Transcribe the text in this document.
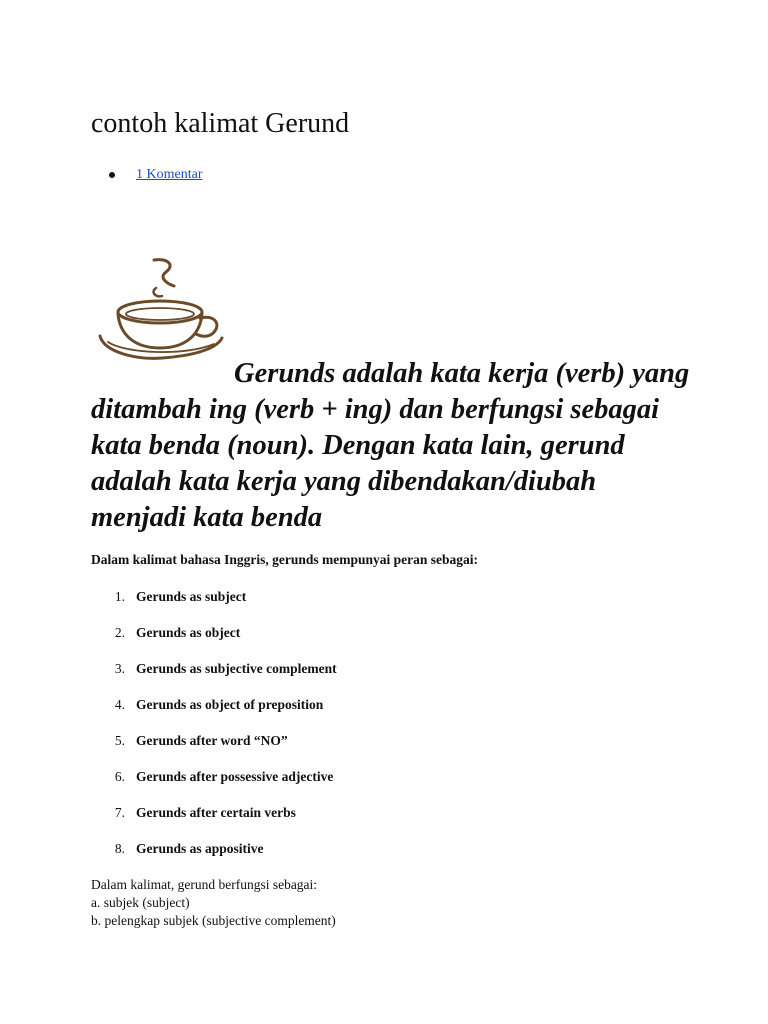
contoh kalimat Gerund
1 Komentar

Gerunds adalah kata kerja (verb) yang ditambah ing (verb + ing) dan berfungsi sebagai kata benda (noun). Dengan kata lain, gerund adalah kata kerja yang dibendakan/diubah menjadi kata benda

Dalam kalimat bahasa Inggris, gerunds mempunyai peran sebagai:

1. Gerunds as subject
2. Gerunds as object
3. Gerunds as subjective complement
4. Gerunds as object of preposition
5. Gerunds after word “NO”
6. Gerunds after possessive adjective
7. Gerunds after certain verbs
8. Gerunds as appositive
Dalam kalimat, gerund berfungsi sebagai:
a. subjek (subject)
b. pelengkap subjek (subjective complement)
